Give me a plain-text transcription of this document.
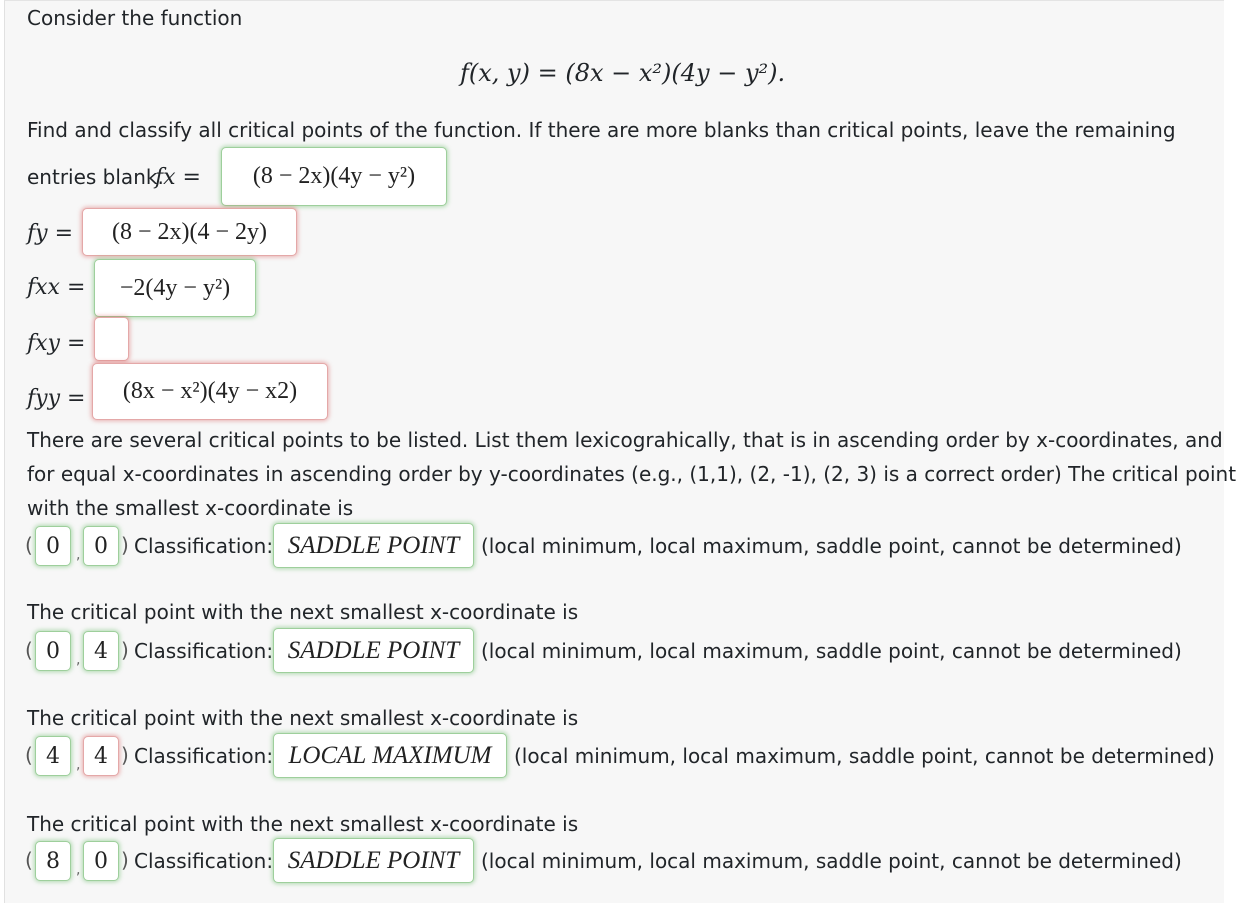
Consider the function
f(x, y) = (8x − x²)(4y − y²).
Find and classify all critical points of the function. If there are more blanks than critical points, leave the remaining
entries blank.
fx =	(8 − 2x)(4y − y²)
fy =	(8 − 2x)(4 − 2y)
fxx =	−2(4y − y²)
fxy =
fyy =	(8x − x²)(4y − x2)
There are several critical points to be listed. List them lexicograhically, that is in ascending order by x-coordinates, and
for equal x-coordinates in ascending order by y-coordinates (e.g., (1,1), (2, -1), (2, 3) is a correct order) The critical point
with the smallest x-coordinate is
( 0	, 0 ) Classification: SADDLE POINT	(local minimum, local maximum, saddle point, cannot be determined)
The critical point with the next smallest x-coordinate is
( 0	, 4 ) Classification: SADDLE POINT	(local minimum, local maximum, saddle point, cannot be determined)
The critical point with the next smallest x-coordinate is
( 4	, 4 ) Classification: LOCAL MAXIMUM	(local minimum, local maximum, saddle point, cannot be determined)
The critical point with the next smallest x-coordinate is
( 8	, 0 ) Classification: SADDLE POINT	(local minimum, local maximum, saddle point, cannot be determined)
